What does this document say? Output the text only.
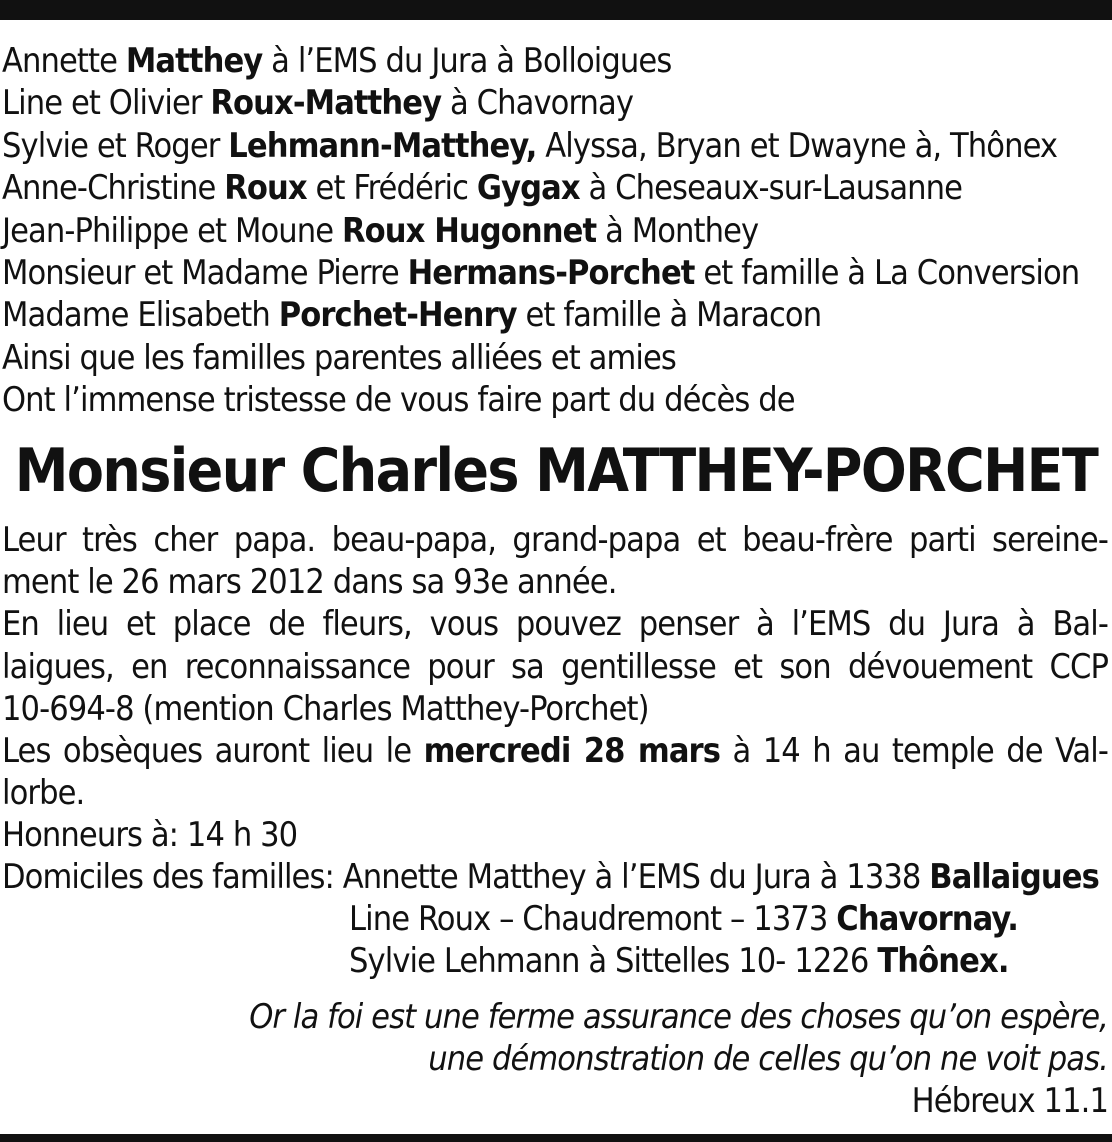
Annette Matthey à l’EMS du Jura à Bolloigues
Line et Olivier Roux-Matthey à Chavornay
Sylvie et Roger Lehmann-Matthey, Alyssa, Bryan et Dwayne à, Thônex
Anne-Christine Roux et Frédéric Gygax à Cheseaux-sur-Lausanne
Jean-Philippe et Moune Roux Hugonnet à Monthey
Monsieur et Madame Pierre Hermans-Porchet et famille à La Conversion
Madame Elisabeth Porchet-Henry et famille à Maracon
Ainsi que les familles parentes alliées et amies
Ont l’immense tristesse de vous faire part du décès de
Monsieur Charles MATTHEY-PORCHET
Leur très cher papa. beau-papa, grand-papa et beau-frère parti sereine-
ment le 26 mars 2012 dans sa 93e année.
En lieu et place de fleurs, vous pouvez penser à l’EMS du Jura à Bal-
laigues, en reconnaissance pour sa gentillesse et son dévouement CCP
10-694-8 (mention Charles Matthey-Porchet)
Les obsèques auront lieu le mercredi 28 mars à 14 h au temple de Val-
lorbe.
Honneurs à: 14 h 30
Domiciles des familles: Annette Matthey à l’EMS du Jura à 1338 Ballaigues
Line Roux – Chaudremont – 1373 Chavornay.
Sylvie Lehmann à Sittelles 10- 1226 Thônex.
Or la foi est une ferme assurance des choses qu’on espère,
une démonstration de celles qu’on ne voit pas.
Hébreux 11.1
